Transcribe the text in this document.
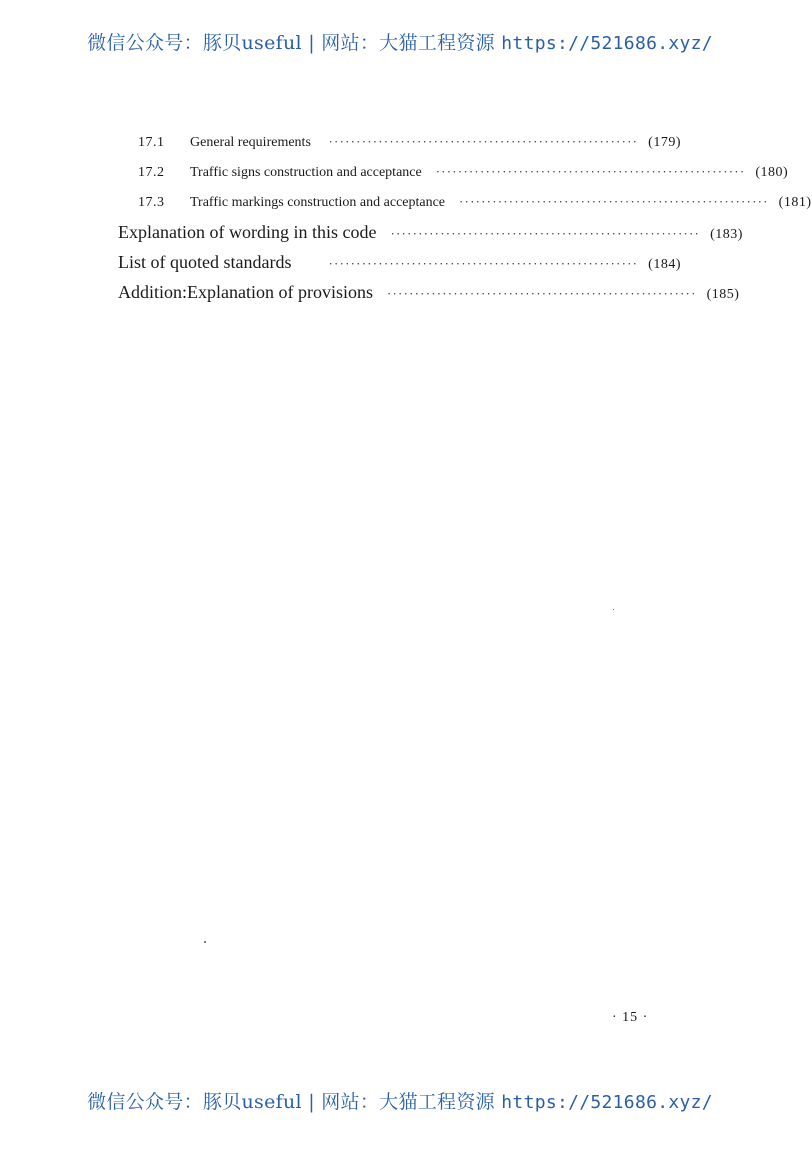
微信公众号：豚贝useful | 网站：大猫工程资源 https://521686.xyz/
17.1	General requirements	························································ (179)
17.2	Traffic signs construction and acceptance	························································ (180)
17.3	Traffic markings construction and acceptance	························································ (181)
Explanation of wording in this code	························································ (183)
List of quoted standards	························································ (184)
Addition:Explanation of provisions	························································ (185)
· 15 ·
微信公众号：豚贝useful | 网站：大猫工程资源 https://521686.xyz/
